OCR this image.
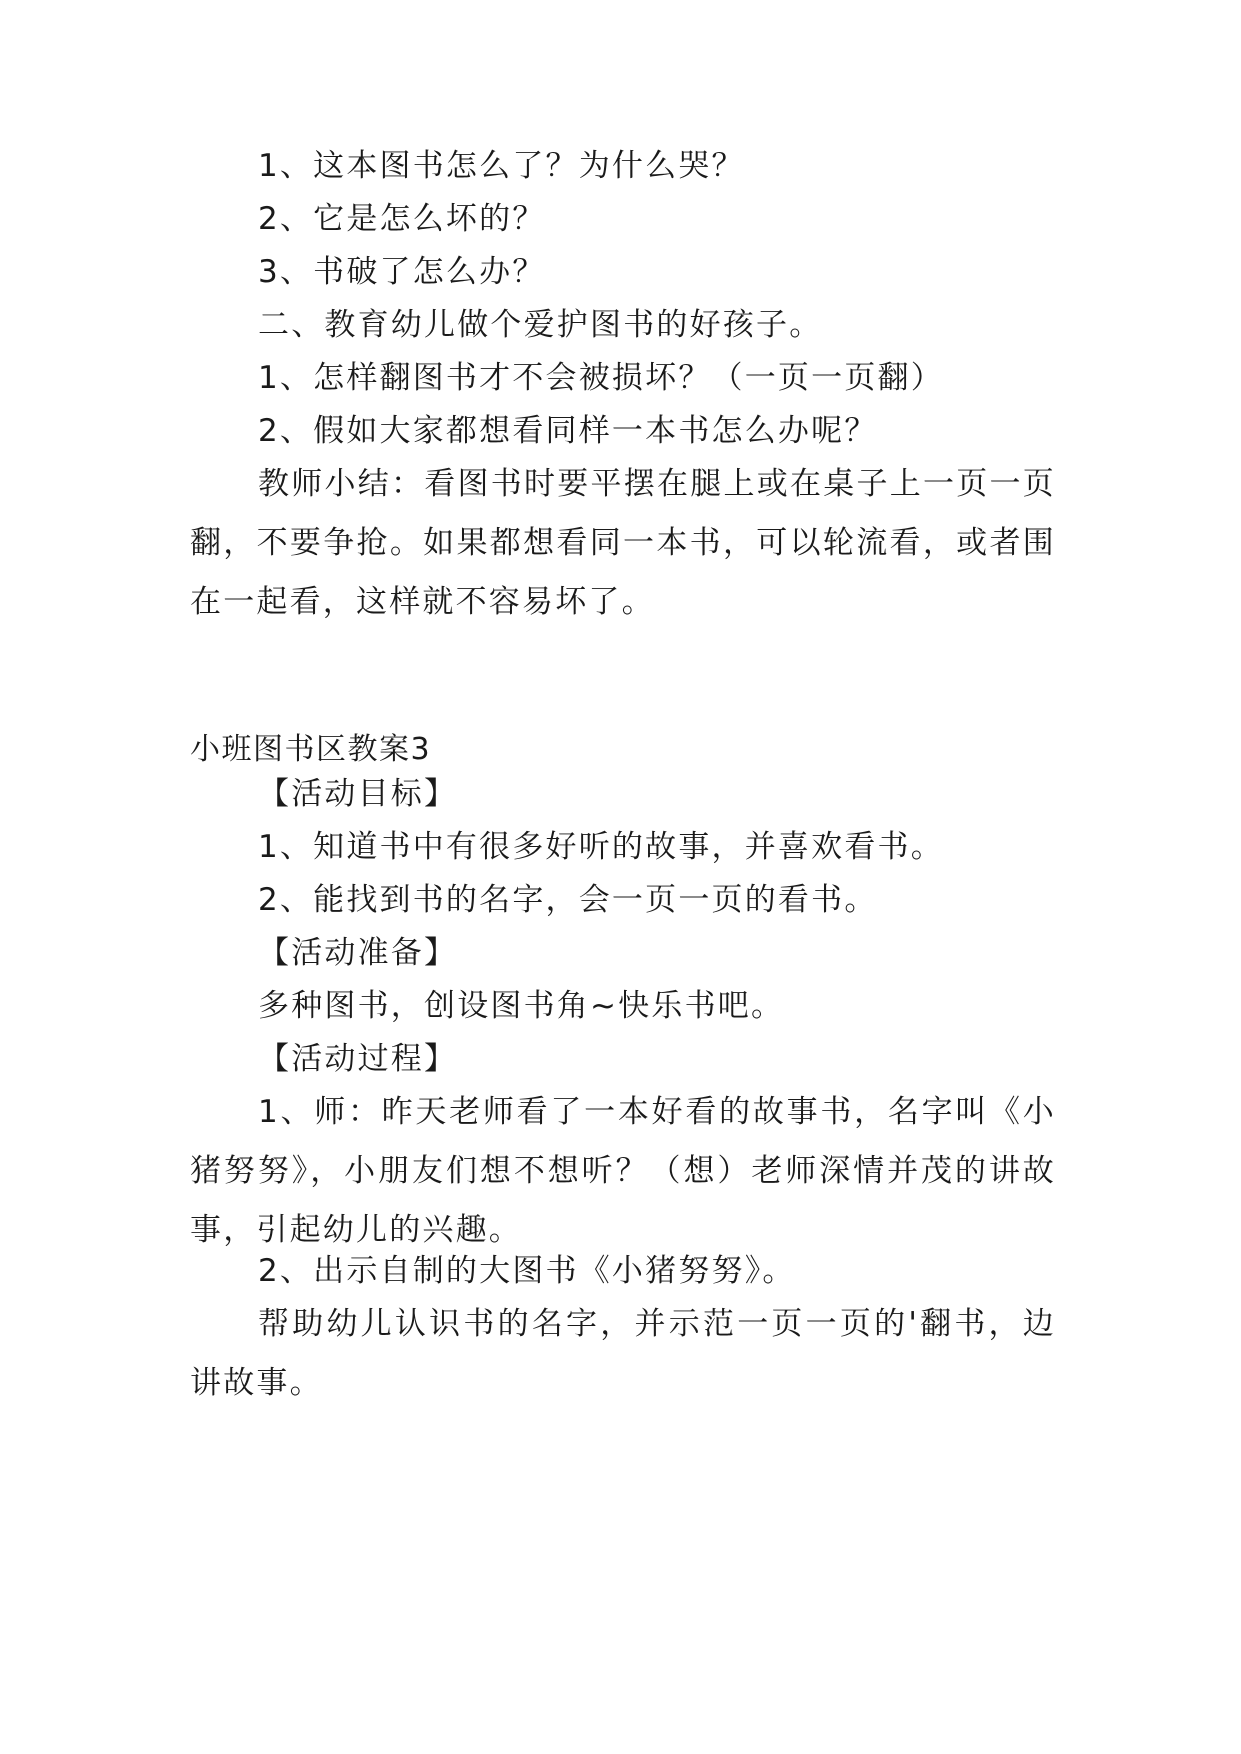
1、这本图书怎么了？为什么哭？

2、它是怎么坏的？

3、书破了怎么办？

二、教育幼儿做个爱护图书的好孩子。

1、怎样翻图书才不会被损坏？（一页一页翻）

2、假如大家都想看同样一本书怎么办呢？

教师小结：看图书时要平摆在腿上或在桌子上一页一页翻，不要争抢。如果都想看同一本书，可以轮流看，或者围在一起看，这样就不容易坏了。

小班图书区教案3

【活动目标】

1、知道书中有很多好听的故事，并喜欢看书。

2、能找到书的名字，会一页一页的看书。

【活动准备】

多种图书，创设图书角~快乐书吧。

【活动过程】

1、师：昨天老师看了一本好看的故事书，名字叫《小猪努努》，小朋友们想不想听？（想）老师深情并茂的讲故事，引起幼儿的兴趣。

2、出示自制的大图书《小猪努努》。

帮助幼儿认识书的名字，并示范一页一页的'翻书，边讲故事。
